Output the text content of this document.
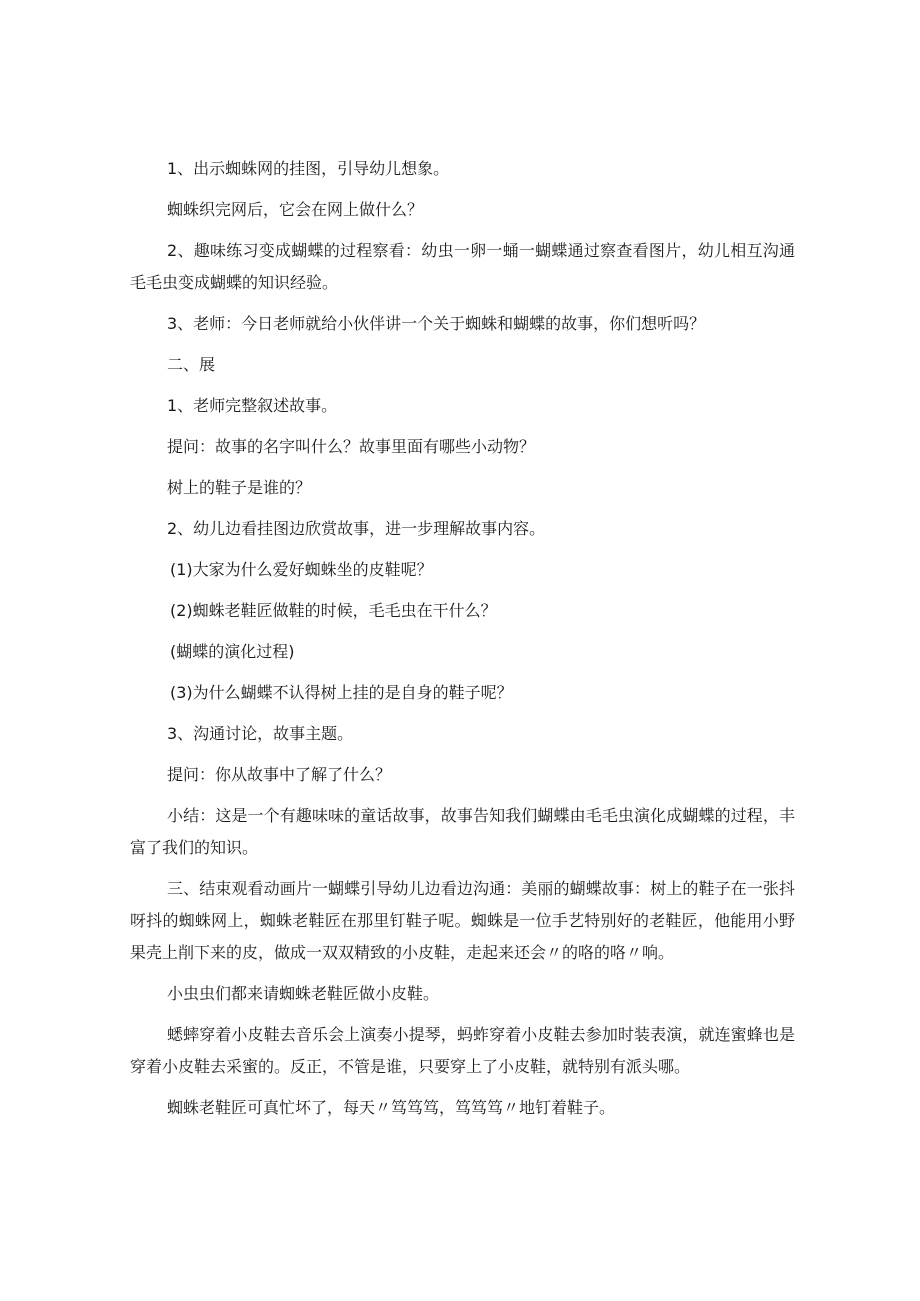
1、出示蜘蛛网的挂图，引导幼儿想象。

蜘蛛织完网后，它会在网上做什么？

2、趣味练习变成蝴蝶的过程察看：幼虫一卵一蛹一蝴蝶通过察查看图片，幼儿相互沟通毛毛虫变成蝴蝶的知识经验。

3、老师：今日老师就给小伙伴讲一个关于蜘蛛和蝴蝶的故事，你们想听吗？

二、展

1、老师完整叙述故事。

提问：故事的名字叫什么？故事里面有哪些小动物？

树上的鞋子是谁的？

2、幼儿边看挂图边欣赏故事，进一步理解故事内容。

(1)大家为什么爱好蜘蛛坐的皮鞋呢？

(2)蜘蛛老鞋匠做鞋的时候，毛毛虫在干什么？

(蝴蝶的演化过程)

(3)为什么蝴蝶不认得树上挂的是自身的鞋子呢？

3、沟通讨论，故事主题。

提问：你从故事中了解了什么？

小结：这是一个有趣味味的童话故事，故事告知我们蝴蝶由毛毛虫演化成蝴蝶的过程，丰富了我们的知识。

三、结束观看动画片一蝴蝶引导幼儿边看边沟通：美丽的蝴蝶故事：树上的鞋子在一张抖呀抖的蜘蛛网上，蜘蛛老鞋匠在那里钉鞋子呢。蜘蛛是一位手艺特别好的老鞋匠，他能用小野果壳上削下来的皮，做成一双双精致的小皮鞋，走起来还会〃的咯的咯〃响。

小虫虫们都来请蜘蛛老鞋匠做小皮鞋。

蟋蟀穿着小皮鞋去音乐会上演奏小提琴，蚂蚱穿着小皮鞋去参加时装表演，就连蜜蜂也是穿着小皮鞋去采蜜的。反正，不管是谁，只要穿上了小皮鞋，就特别有派头哪。

蜘蛛老鞋匠可真忙坏了，每天〃笃笃笃，笃笃笃〃地钉着鞋子。
